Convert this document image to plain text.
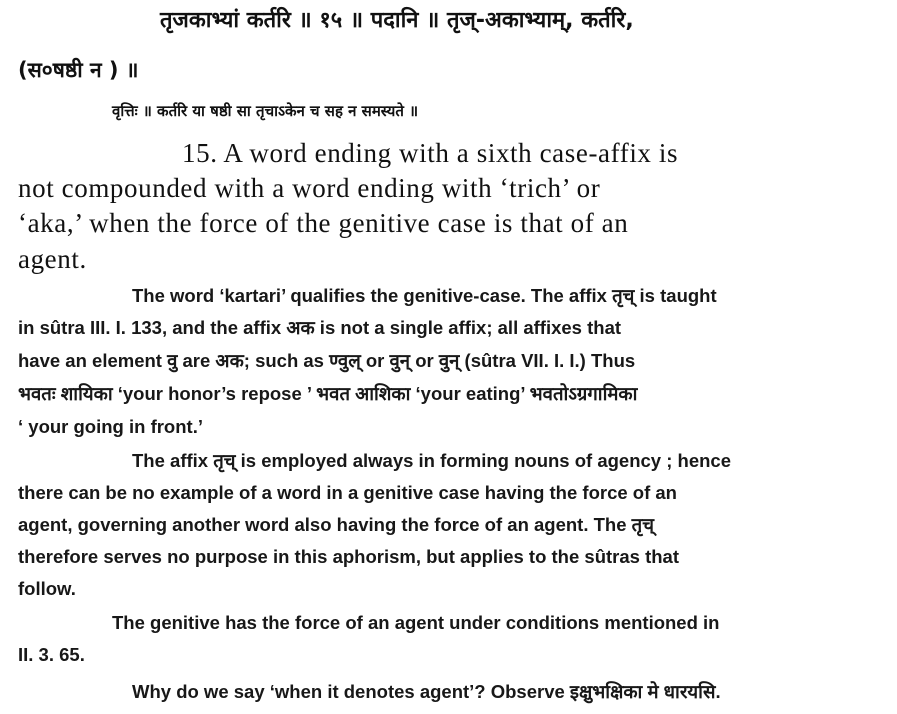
तृजकाभ्यां कर्तरि ॥ १५ ॥ पदानि ॥ तृज्-अकाभ्याम्, कर्तरि,
(स०षष्ठी न ) ॥
वृत्तिः ॥ कर्तरि या षष्ठी सा तृचाऽकेन च सह न समस्यते ॥
15. A word ending with a sixth case-affix is
not compounded with a word ending with ‘trich’ or
‘aka,’ when the force of the genitive case is that of an
agent.
The word ‘kartari’ qualifies the genitive-case. The affix तृच् is taught
in sûtra III. I. 133, and the affix अक is not a single affix; all affixes that
have an element वु are अक; such as ण्वुल् or वुन् or वुन् (sûtra VII. I. I.) Thus
भवतः शायिका ‘your honor’s repose ’ भवत आशिका ‘your eating’ भवतोऽग्रगामिका
‘ your going in front.’
The affix तृच् is employed always in forming nouns of agency ; hence
there can be no example of a word in a genitive case having the force of an
agent, governing another word also having the force of an agent. The तृच्
therefore serves no purpose in this aphorism, but applies to the sûtras that
follow.
The genitive has the force of an agent under conditions mentioned in
II. 3. 65.
Why do we say ‘when it denotes agent’? Observe इक्षुभक्षिका मे धारयसि.
